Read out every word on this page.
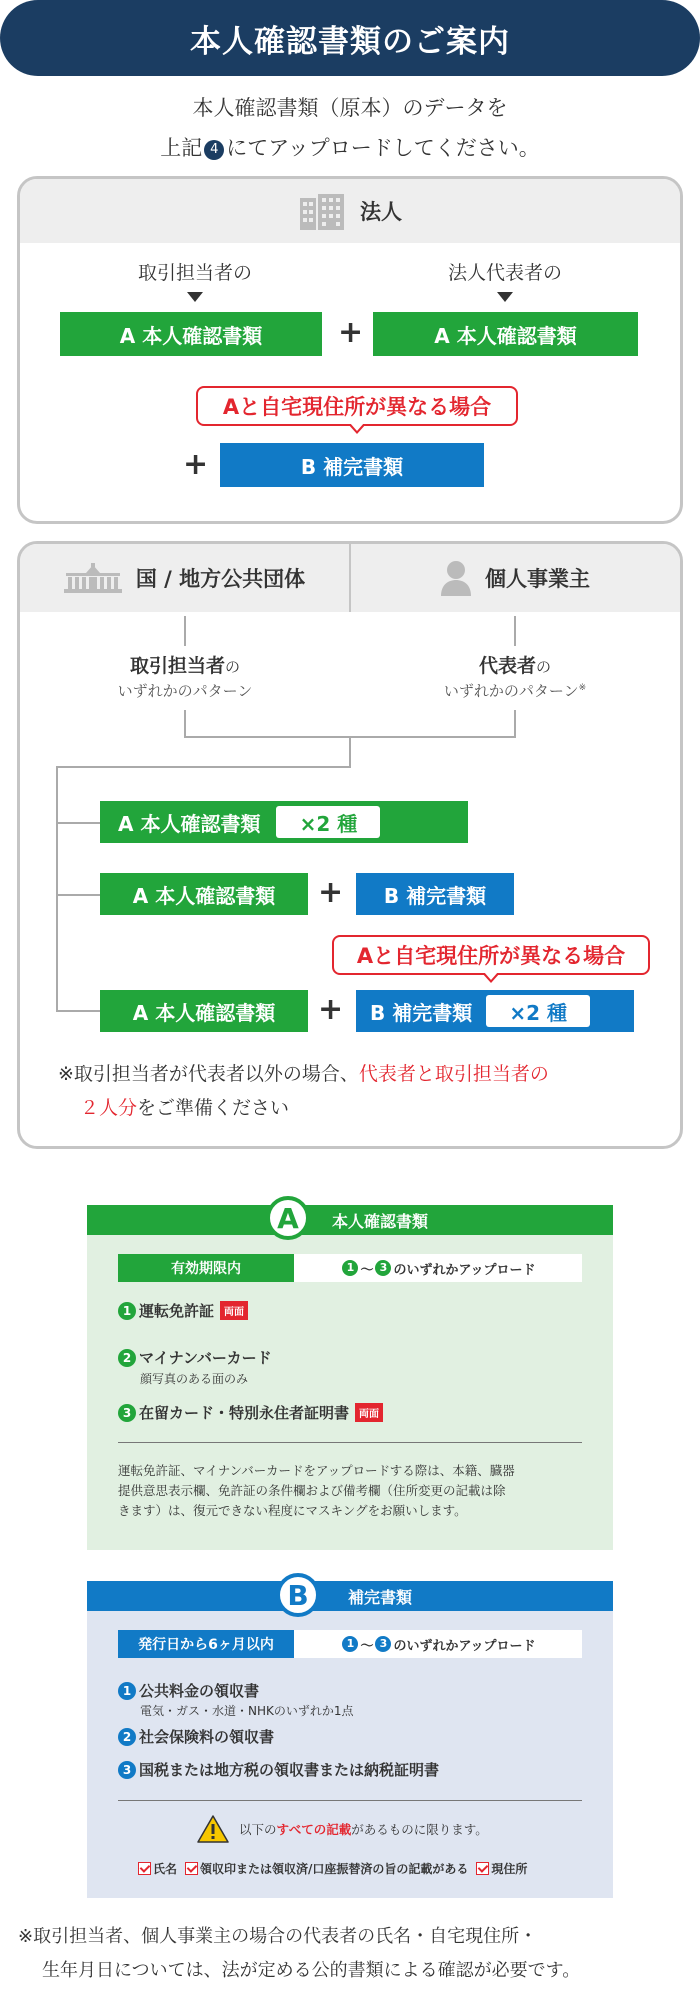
本人確認書類のご案内
本人確認書類（原本）のデータを
上記 4 にてアップロードしてください。
法人
取引担当者の	法人代表者の
A 本人確認書類	+	A 本人確認書類
Aと自宅現住所が異なる場合
+	B 補完書類
国 / 地方公共団体	個人事業主
取引担当者の
いずれかのパターン
代表者の
いずれかのパターン※
A 本人確認書類	×2 種
A 本人確認書類	+	B 補完書類
Aと自宅現住所が異なる場合
A 本人確認書類	+ B 補完書類	×2 種
※取引担当者が代表者以外の場合、代表者と取引担当者の
２人分をご準備ください
本人確認書類
A
有効期限内	1 ～ 3 のいずれかアップロード
1 運転免許証	両面
2 マイナンバーカード
顔写真のある面のみ
3 在留カード・特別永住者証明書	両面
運転免許証、マイナンバーカードをアップロードする際は、本籍、臓器
提供意思表示欄、免許証の条件欄および備考欄（住所変更の記載は除
きます）は、復元できない程度にマスキングをお願いします。
補完書類
B
発行日から6ヶ月以内	1 ～ 3 のいずれかアップロード
1 公共料金の領収書
電気・ガス・水道・NHKのいずれか1点
2 社会保険料の領収書
3 国税または地方税の領収書または納税証明書
以下のすべての記載があるものに限ります。
氏名	領収印または領収済/口座振替済の旨の記載がある	現住所
※取引担当者、個人事業主の場合の代表者の氏名・自宅現住所・
生年月日については、法が定める公的書類による確認が必要です。
